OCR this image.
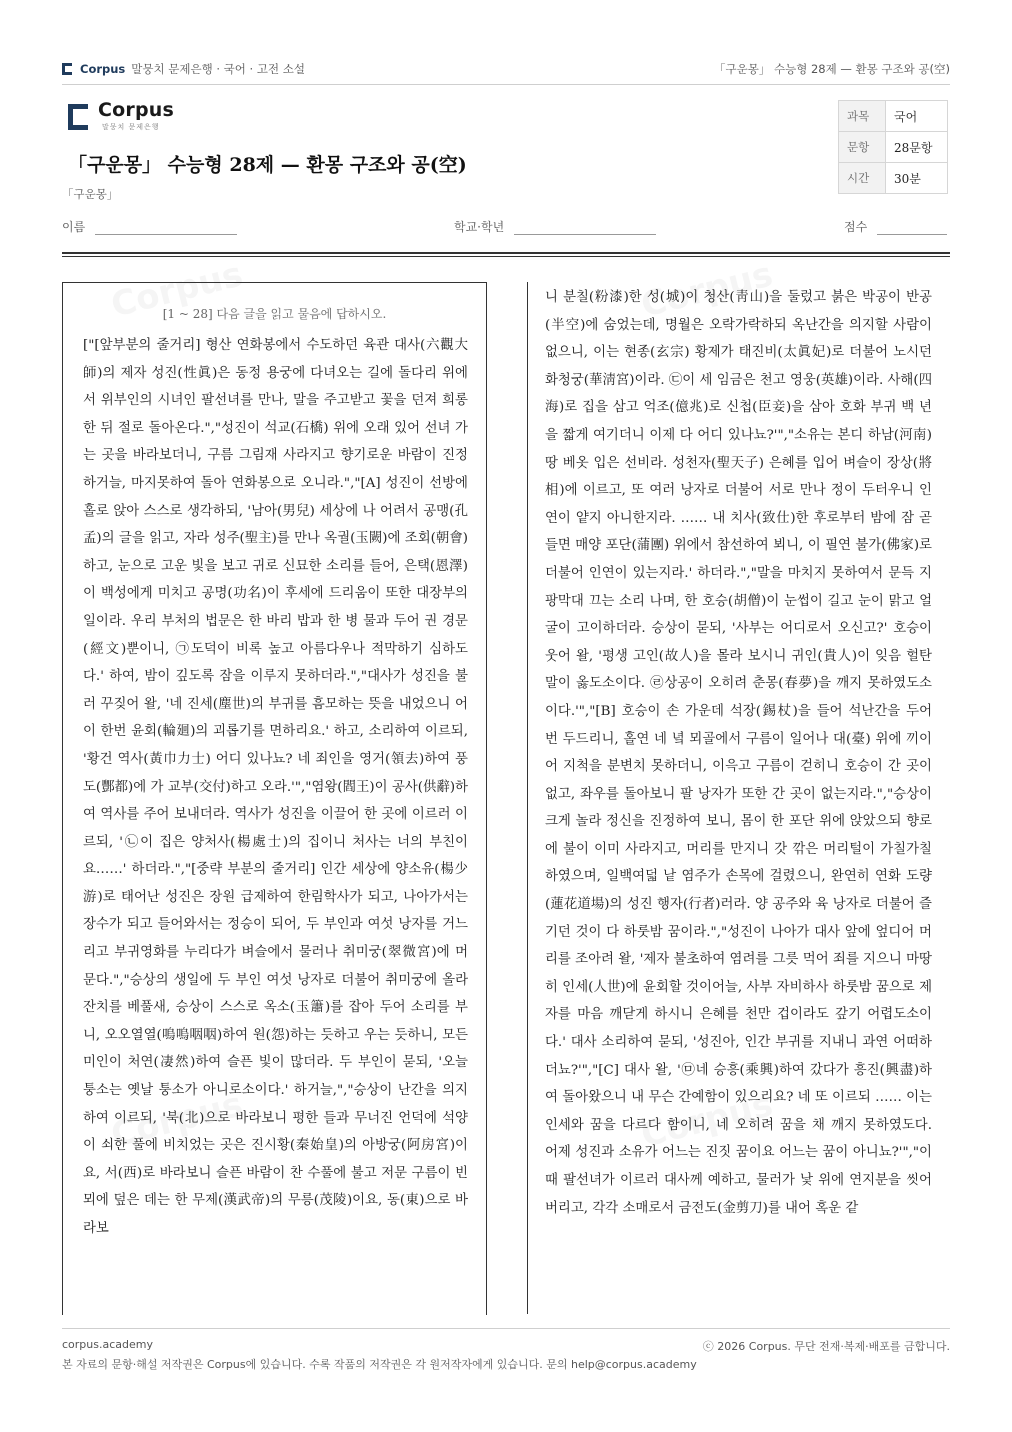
Corpus 말뭉치 문제은행 · 국어 · 고전 소설	「구운몽」 수능형 28제 — 환몽 구조와 공(空)
Corpus
말뭉치 문제은행
「구운몽」 수능형 28제 — 환몽 구조와 공(空)
「구운몽」
과목	국어
문항	28문항
시간	30분
이름	학교·학년	점수
[1 ~ 28] 다음 글을 읽고 물음에 답하시오.

["[앞부분의 줄거리] 형산 연화봉에서 수도하던 육관 대사(六觀大師)의 제자 성진(性眞)은 동정 용궁에 다녀오는 길에 돌다리 위에서 위부인의 시녀인 팔선녀를 만나, 말을 주고받고 꽃을 던져 희롱한 뒤 절로 돌아온다.","성진이 석교(石橋) 위에 오래 있어 선녀 가는 곳을 바라보더니, 구름 그림재 사라지고 향기로운 바람이 진정하거늘, 마지못하여 돌아 연화봉으로 오니라.","[A] 성진이 선방에 홀로 앉아 스스로 생각하되, '남아(男兒) 세상에 나 어려서 공맹(孔孟)의 글을 읽고, 자라 성주(聖主)를 만나 옥궐(玉闕)에 조회(朝會)하고, 눈으로 고운 빛을 보고 귀로 신묘한 소리를 들어, 은택(恩澤)이 백성에게 미치고 공명(功名)이 후세에 드리움이 또한 대장부의 일이라. 우리 부처의 법문은 한 바리 밥과 한 병 물과 두어 권 경문(經文)뿐이니, ㉠도덕이 비록 높고 아름다우나 적막하기 심하도다.' 하여, 밤이 깊도록 잠을 이루지 못하더라.","대사가 성진을 불러 꾸짖어 왈, '네 진세(塵世)의 부귀를 흠모하는 뜻을 내었으니 어이 한번 윤회(輪廻)의 괴롭기를 면하리요.' 하고, 소리하여 이르되, '황건 역사(黃巾力士) 어디 있나뇨? 네 죄인을 영거(領去)하여 풍도(酆都)에 가 교부(交付)하고 오라.'","염왕(閻王)이 공사(供辭)하여 역사를 주어 보내더라. 역사가 성진을 이끌어 한 곳에 이르러 이르되, '㉡이 집은 양처사(楊處士)의 집이니 처사는 너의 부친이요……' 하더라.","[중략 부분의 줄거리] 인간 세상에 양소유(楊少游)로 태어난 성진은 장원 급제하여 한림학사가 되고, 나아가서는 장수가 되고 들어와서는 정승이 되어, 두 부인과 여섯 낭자를 거느리고 부귀영화를 누리다가 벼슬에서 물러나 취미궁(翠微宮)에 머문다.","승상의 생일에 두 부인 여섯 낭자로 더불어 취미궁에 올라 잔치를 베풀새, 승상이 스스로 옥소(玉簫)를 잡아 두어 소리를 부니, 오오열열(嗚嗚咽咽)하여 원(怨)하는 듯하고 우는 듯하니, 모든 미인이 처연(凄然)하여 슬픈 빛이 많더라. 두 부인이 묻되, '오늘 퉁소는 옛날 퉁소가 아니로소이다.' 하거늘,","승상이 난간을 의지하여 이르되, '북(北)으로 바라보니 평한 들과 무너진 언덕에 석양이 쇠한 풀에 비치었는 곳은 진시황(秦始皇)의 아방궁(阿房宮)이요, 서(西)로 바라보니 슬픈 바람이 찬 수풀에 불고 저문 구름이 빈 뫼에 덮은 데는 한 무제(漢武帝)의 무릉(茂陵)이요, 동(東)으로 바라보

니 분칠(粉漆)한 성(城)이 청산(靑山)을 둘렀고 붉은 박공이 반공(半空)에 숨었는데, 명월은 오락가락하되 옥난간을 의지할 사람이 없으니, 이는 현종(玄宗) 황제가 태진비(太眞妃)로 더불어 노시던 화청궁(華淸宮)이라. ㉢이 세 임금은 천고 영웅(英雄)이라. 사해(四海)로 집을 삼고 억조(億兆)로 신첩(臣妾)을 삼아 호화 부귀 백 년을 짧게 여기더니 이제 다 어디 있나뇨?'","소유는 본디 하남(河南) 땅 베옷 입은 선비라. 성천자(聖天子) 은혜를 입어 벼슬이 장상(將相)에 이르고, 또 여러 낭자로 더불어 서로 만나 정이 두터우니 인연이 얕지 아니한지라. …… 내 치사(致仕)한 후로부터 밤에 잠 곧 들면 매양 포단(蒲團) 위에서 참선하여 뵈니, 이 필연 불가(佛家)로 더불어 인연이 있는지라.' 하더라.","말을 마치지 못하여서 문득 지팡막대 끄는 소리 나며, 한 호승(胡僧)이 눈썹이 길고 눈이 맑고 얼굴이 고이하더라. 승상이 묻되, '사부는 어디로서 오신고?' 호승이 웃어 왈, '평생 고인(故人)을 몰라 보시니 귀인(貴人)이 잊음 헐탄 말이 옳도소이다. ㉣상공이 오히려 춘몽(春夢)을 깨지 못하였도소이다.'","[B] 호승이 손 가운데 석장(錫杖)을 들어 석난간을 두어 번 두드리니, 홀연 네 녘 뫼골에서 구름이 일어나 대(臺) 위에 끼이어 지척을 분변치 못하더니, 이윽고 구름이 걷히니 호승이 간 곳이 없고, 좌우를 돌아보니 팔 낭자가 또한 간 곳이 없는지라.","승상이 크게 놀라 정신을 진정하여 보니, 몸이 한 포단 위에 앉았으되 향로에 불이 이미 사라지고, 머리를 만지니 갓 깎은 머리털이 가칠가칠하였으며, 일백여덟 낱 염주가 손목에 걸렸으니, 완연히 연화 도량(蓮花道場)의 성진 행자(行者)러라. 양 공주와 육 낭자로 더불어 즐기던 것이 다 하룻밤 꿈이라.","성진이 나아가 대사 앞에 엎디어 머리를 조아려 왈, '제자 불초하여 염려를 그릇 먹어 죄를 지으니 마땅히 인세(人世)에 윤회할 것이어늘, 사부 자비하사 하룻밤 꿈으로 제자를 마음 깨닫게 하시니 은혜를 천만 겁이라도 갚기 어렵도소이다.' 대사 소리하여 묻되, '성진아, 인간 부귀를 지내니 과연 어떠하더뇨?'","[C] 대사 왈, '㉤네 승흥(乘興)하여 갔다가 흥진(興盡)하여 돌아왔으니 내 무슨 간예함이 있으리요? 네 또 이르되 …… 이는 인세와 꿈을 다르다 함이니, 네 오히려 꿈을 채 깨지 못하였도다. 어제 성진과 소유가 어느는 진짓 꿈이요 어느는 꿈이 아니뇨?'","이때 팔선녀가 이르러 대사께 예하고, 물러가 낯 위에 연지분을 씻어 버리고, 각각 소매로서 금전도(金剪刀)를 내어 혹운 같

corpus.academy	ⓒ 2026 Corpus. 무단 전재·복제·배포를 금합니다.
본 자료의 문항·해설 저작권은 Corpus에 있습니다. 수록 작품의 저작권은 각 원저작자에게 있습니다. 문의 help@corpus.academy
